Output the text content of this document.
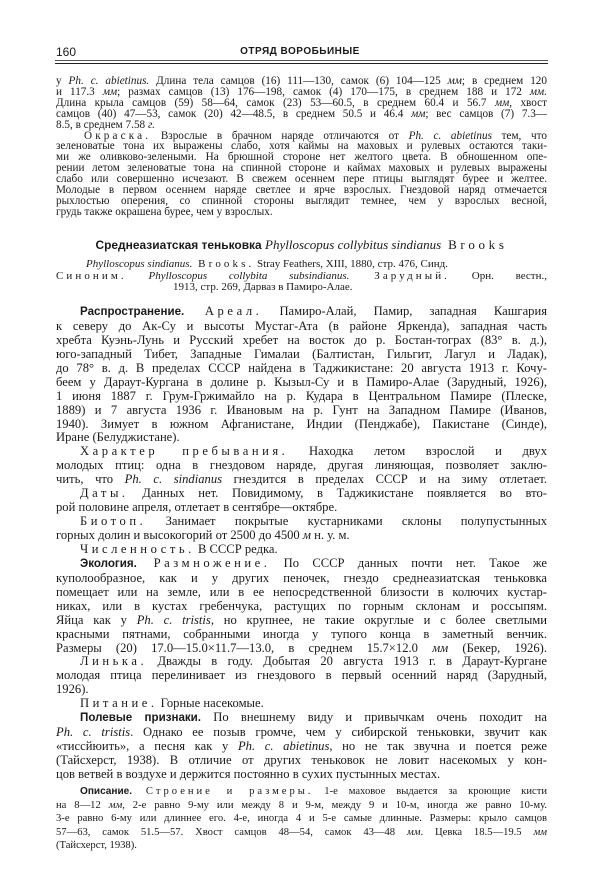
160	ОТРЯД ВОРОБЬИНЫЕ
у Ph. c. abietinus. Длина тела самцов (16) 111—130, самок (6) 104—125 мм; в среднем 120
и 117.3 мм; размах самцов (13) 176—198, самок (4) 170—175, в среднем 188 и 172 мм.
Длина крыла самцов (59) 58—64, самок (23) 53—60.5, в среднем 60.4 и 56.7 мм, хвост
самцов (40) 47—53, самок (20) 42—48.5, в среднем 50.5 и 46.4 мм; вес самцов (7) 7.3—
8.5, в среднем 7.58 г.
Окраска. Взрослые в брачном наряде отличаются от Ph. c. abietinus тем, что
зеленоватые тона их выражены слабо, хотя каймы на маховых и рулевых остаются таки-
ми же оливково-зелеными. На брюшной стороне нет желтого цвета. В обношенном опе-
рении летом зеленоватые тона на спинной стороне и каймах маховых и рулевых выражены
слабо или совершенно исчезают. В свежем осеннем пере птицы выглядят бурее и желтее.
Молодые в первом осеннем наряде светлее и ярче взрослых. Гнездовой наряд отмечается
рыхлостью оперения, со спинной стороны выглядит темнее, чем у взрослых весной,
грудь также окрашена бурее, чем у взрослых.
Среднеазиатская теньковка Phylloscopus collybitus sindianus Brooks
Phylloscopus sindianus. Brooks. Stray Feathers, XIII, 1880, стр. 476, Синд.
Синоним. Phylloscopus collybita subsindianus. Зарудный. Орн. вестн.,
1913, стр. 269, Дарваз в Памиро-Алае.
Распространение. Ареал. Памиро-Алай, Памир, западная Кашгария
к северу до Ак-Су и высоты Мустаг-Ата (в районе Яркенда), западная часть
хребта Куэнь-Лунь и Русский хребет на восток до р. Бостан-тограх (83° в. д.),
юго-западный Тибет, Западные Гималаи (Балтистан, Гильгит, Лагул и Ладак),
до 78° в. д. В пределах СССР найдена в Таджикистане: 20 августа 1913 г. Кочу-
беем у Дараут-Кургана в долине р. Кызыл-Су и в Памиро-Алае (Зарудный, 1926),
1 июня 1887 г. Грум-Гржимайло на р. Кудара в Центральном Памире (Плеске,
1889) и 7 августа 1936 г. Ивановым на р. Гунт на Западном Памире (Иванов,
1940). Зимует в южном Афганистане, Индии (Пенджабе), Пакистане (Синде),
Иране (Белуджистане).
Характер пребывания. Находка летом взрослой и двух
молодых птиц: одна в гнездовом наряде, другая линяющая, позволяет заклю-
чить, что Ph. c. sindianus гнездится в пределах СССР и на зиму отлетает.
Даты. Данных нет. Повидимому, в Таджикистане появляется во вто-
рой половине апреля, отлетает в сентябре—октябре.
Биотоп. Занимает покрытые кустарниками склоны полупустынных
горных долин и высокогорий от 2500 до 4500 м н. у. м.
Численность. В СССР редка.
Экология. Размножение. По СССР данных почти нет. Такое же
куполообразное, как и у других пеночек, гнездо среднеазиатская теньковка
помещает или на земле, или в ее непосредственной близости в колючих кустар-
никах, или в кустах гребенчука, растущих по горным склонам и россыпям.
Яйца как у Ph. c. tristis, но крупнее, не такие округлые и с более светлыми
красными пятнами, собранными иногда у тупого конца в заметный венчик.
Размеры (20) 17.0—15.0×11.7—13.0, в среднем 15.7×12.0 мм (Бекер, 1926).
Линька. Дважды в году. Добытая 20 августа 1913 г. в Дараут-Кургане
молодая птица перелинивает из гнездового в первый осенний наряд (Зарудный,
1926).
Питание. Горные насекомые.
Полевые признаки. По внешнему виду и привычкам очень походит на
Ph. c. tristis. Однако ее позыв громче, чем у сибирской теньковки, звучит как
«тиссйюить», а песня как у Ph. c. abietinus, но не так звучна и поется реже
(Тайсхерст, 1938). В отличие от других теньковок не ловит насекомых у кон-
цов ветвей в воздухе и держится постоянно в сухих пустынных местах.
Описание. Строение и размеры. 1-е маховое выдается за кроющие кисти
на 8—12 мм, 2-е равно 9-му или между 8 и 9-м, между 9 и 10-м, иногда же равно 10-му.
3-е равно 6-му или длиннее его. 4-е, иногда 4 и 5-е самые длинные. Размеры: крыло самцов
57—63, самок 51.5—57. Хвост самцов 48—54, самок 43—48 мм. Цевка 18.5—19.5 мм
(Тайсхерст, 1938).
